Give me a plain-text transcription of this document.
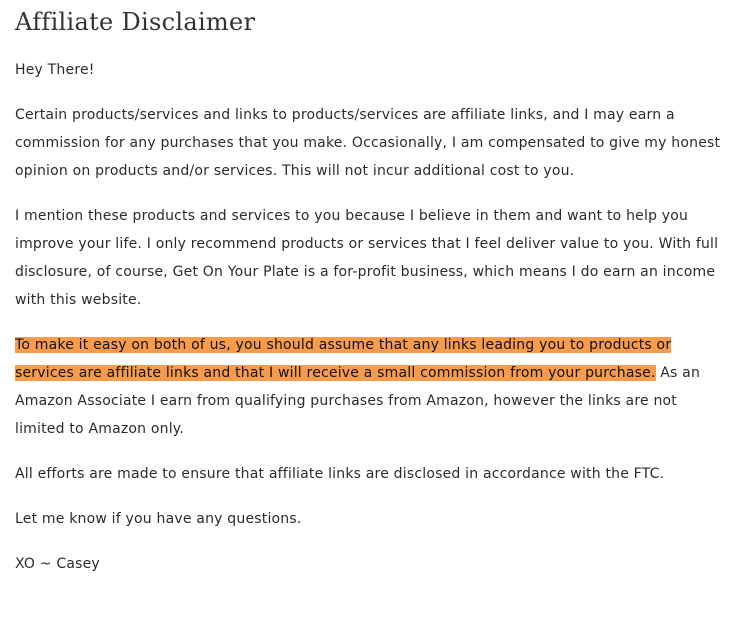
Affiliate Disclaimer

Hey There!

Certain products/services and links to products/services are affiliate links, and I may earn a commission for any purchases that you make. Occasionally, I am compensated to give my honest opinion on products and/or services. This will not incur additional cost to you.

I mention these products and services to you because I believe in them and want to help you improve your life. I only recommend products or services that I feel deliver value to you. With full disclosure, of course, Get On Your Plate is a for-profit business, which means I do earn an income with this website.

To make it easy on both of us, you should assume that any links leading you to products or services are affiliate links and that I will receive a small commission from your purchase. As an Amazon Associate I earn from qualifying purchases from Amazon, however the links are not limited to Amazon only.

All efforts are made to ensure that affiliate links are disclosed in accordance with the FTC.

Let me know if you have any questions.

XO ~ Casey
